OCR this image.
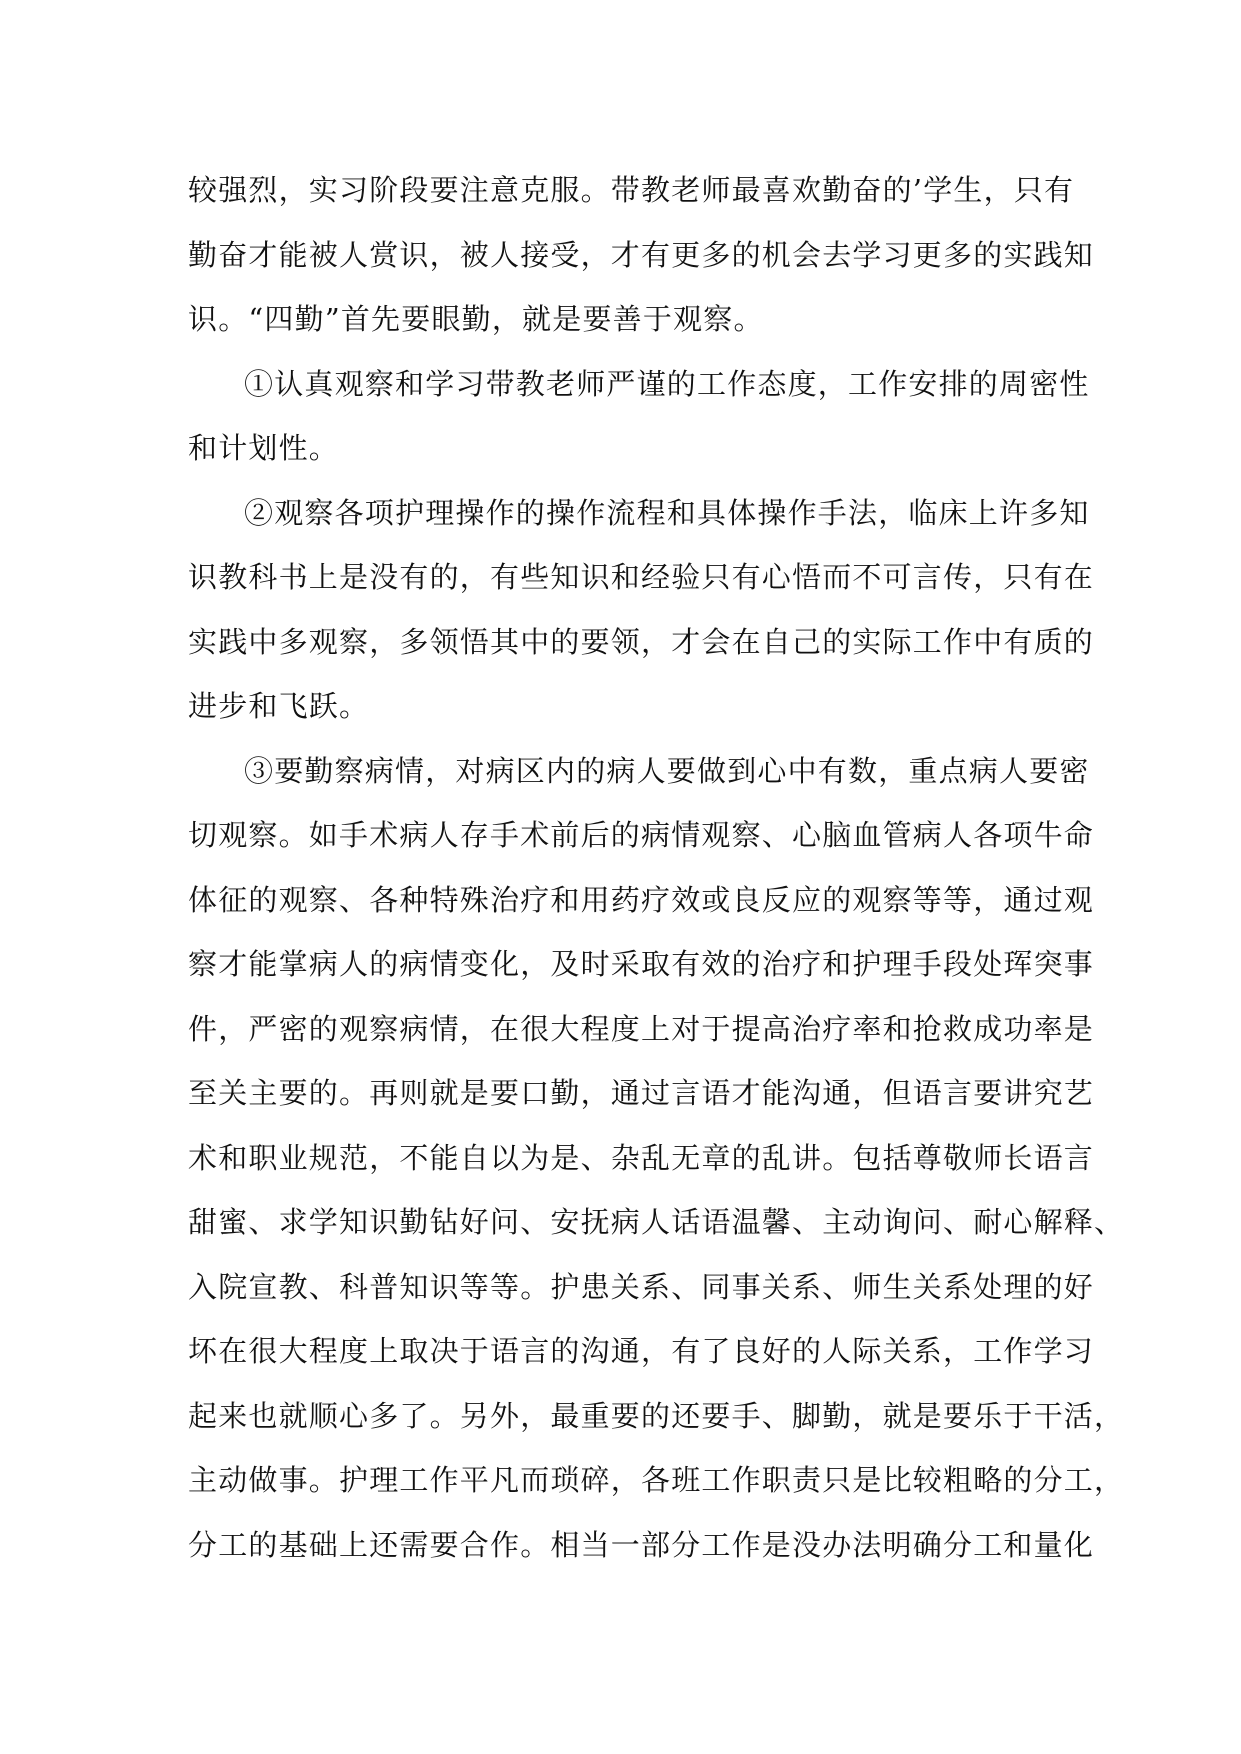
较强烈，实习阶段要注意克服。带教老师最喜欢勤奋的’学生，只有
勤奋才能被人赏识，被人接受，才有更多的机会去学习更多的实践知
识。“四勤”首先要眼勤，就是要善于观察。

①认真观察和学习带教老师严谨的工作态度，工作安排的周密性
和计划性。

②观察各项护理操作的操作流程和具体操作手法，临床上许多知
识教科书上是没有的，有些知识和经验只有心悟而不可言传，只有在
实践中多观察，多领悟其中的要领，才会在自己的实际工作中有质的
进步和飞跃。

③要勤察病情，对病区内的病人要做到心中有数，重点病人要密
切观察。如手术病人存手术前后的病情观察、心脑血管病人各项牛命
体征的观察、各种特殊治疗和用药疗效或良反应的观察等等，通过观
察才能掌病人的病情变化，及时采取有效的治疗和护理手段处珲突事
件，严密的观察病情，在很大程度上对于提高治疗率和抢救成功率是
至关主要的。再则就是要口勤，通过言语才能沟通，但语言要讲究艺
术和职业规范，不能自以为是、杂乱无章的乱讲。包括尊敬师长语言
甜蜜、求学知识勤钻好问、安抚病人话语温馨、主动询问、耐心解释、
入院宣教、科普知识等等。护患关系、同事关系、师生关系处理的好
坏在很大程度上取决于语言的沟通，有了良好的人际关系，工作学习
起来也就顺心多了。另外，最重要的还要手、脚勤，就是要乐于干活，
主动做事。护理工作平凡而琐碎，各班工作职责只是比较粗略的分工，
分工的基础上还需要合作。相当一部分工作是没办法明确分工和量化
